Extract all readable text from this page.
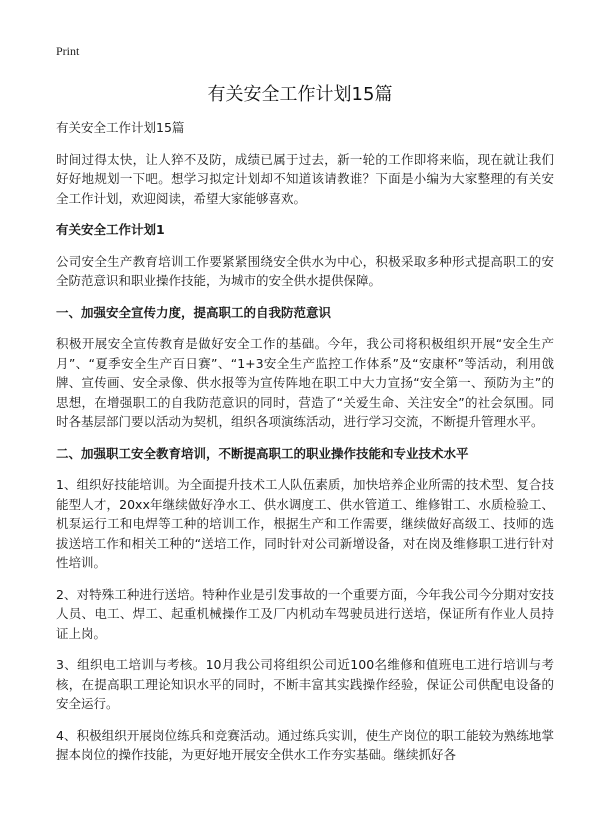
Print
有关安全工作计划15篇

有关安全工作计划15篇

时间过得太快，让人猝不及防，成绩已属于过去，新一轮的工作即将来临，现在就让我们好好地规划一下吧。想学习拟定计划却不知道该请教谁？下面是小编为大家整理的有关安全工作计划，欢迎阅读，希望大家能够喜欢。

有关安全工作计划1

公司安全生产教育培训工作要紧紧围绕安全供水为中心，积极采取多种形式提高职工的安全防范意识和职业操作技能，为城市的安全供水提供保障。

一、加强安全宣传力度，提高职工的自我防范意识

积极开展安全宣传教育是做好安全工作的基础。今年，我公司将积极组织开展“安全生产月”、“夏季安全生产百日赛”、“1+3安全生产监控工作体系”及“安康杯”等活动，利用戗牌、宣传画、安全录像、供水报等为宣传阵地在职工中大力宣扬“安全第一、预防为主”的思想，在增强职工的自我防范意识的同时，营造了“关爱生命、关注安全”的社会氛围。同时各基层部门要以活动为契机，组织各项演练活动，进行学习交流，不断提升管理水平。

二、加强职工安全教育培训，不断提高职工的职业操作技能和专业技术水平

1、组织好技能培训。为全面提升技术工人队伍素质，加快培养企业所需的技术型、复合技能型人才，20xx年继续做好净水工、供水调度工、供水管道工、维修钳工、水质检验工、机泵运行工和电焊等工种的培训工作，根据生产和工作需要，继续做好高级工、技师的选拔送培工作和相关工种的“送培工作，同时针对公司新增设备，对在岗及维修职工进行针对性培训。

2、对特殊工种进行送培。特种作业是引发事故的一个重要方面，今年我公司今分期对安技人员、电工、焊工、起重机械操作工及厂内机动车驾驶员进行送培，保证所有作业人员持证上岗。

3、组织电工培训与考核。10月我公司将组织公司近100名维修和值班电工进行培训与考核，在提高职工理论知识水平的同时，不断丰富其实践操作经验，保证公司供配电设备的安全运行。

4、积极组织开展岗位练兵和竞赛活动。通过练兵实训，使生产岗位的职工能较为熟练地掌握本岗位的操作技能，为更好地开展安全供水工作夯实基础。继续抓好各
